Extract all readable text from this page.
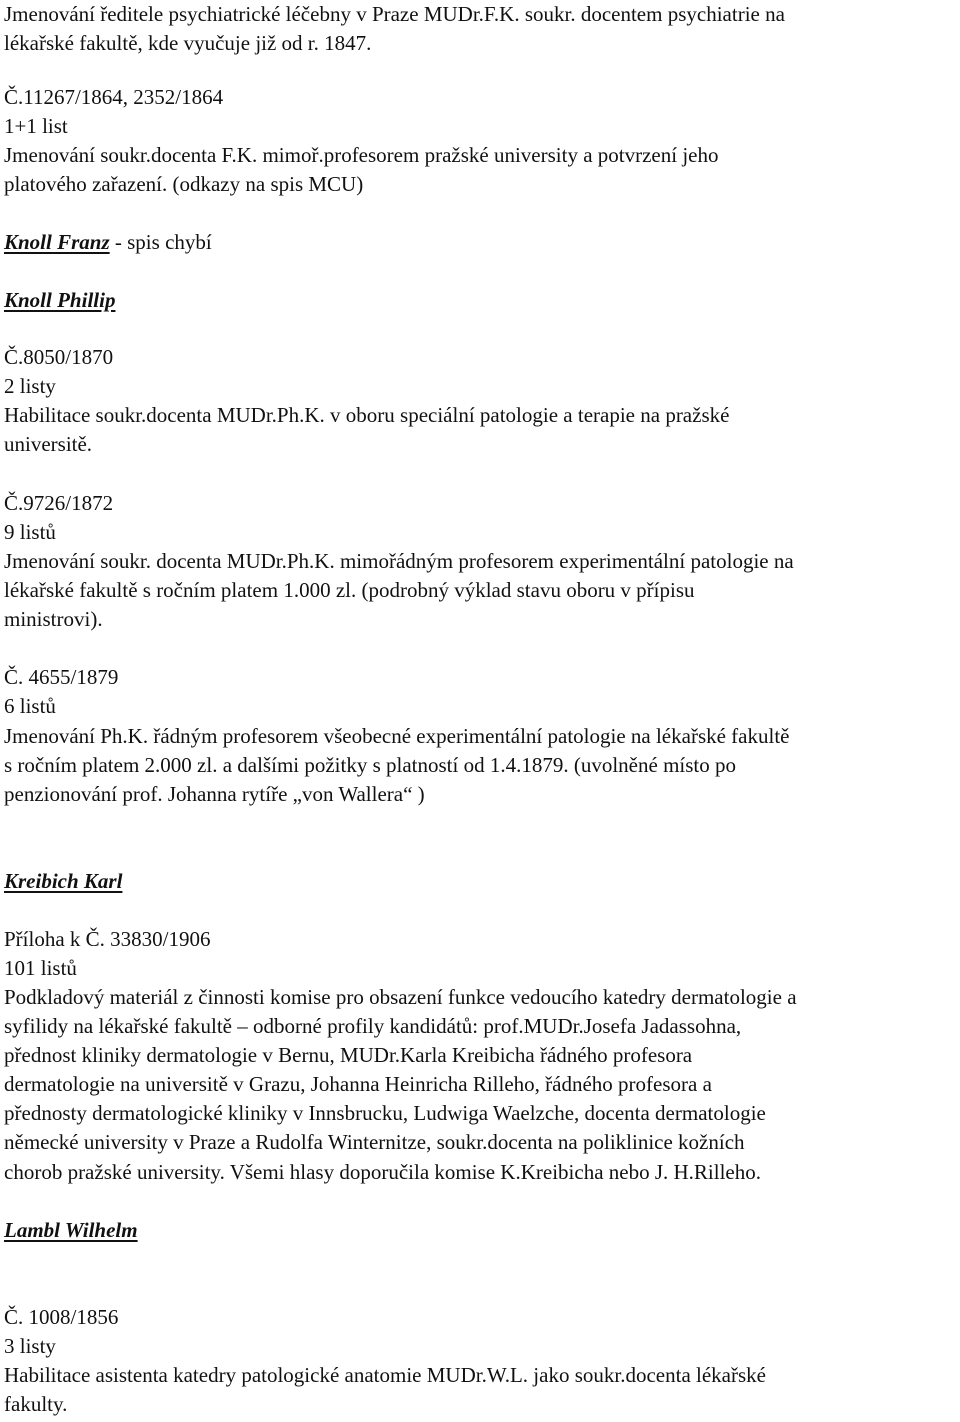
Jmenování ředitele psychiatrické léčebny v Praze MUDr.F.K. soukr. docentem psychiatrie na
lékařské fakultě, kde vyučuje již od r. 1847.
Č.11267/1864, 2352/1864
1+1 list
Jmenování soukr.docenta F.K. mimoř.profesorem pražské university a potvrzení jeho
platového zařazení. (odkazy na spis MCU)
Knoll Franz - spis chybí
Knoll Phillip
Č.8050/1870
2 listy
Habilitace soukr.docenta MUDr.Ph.K. v oboru speciální patologie a terapie na pražské
universitě.
Č.9726/1872
9 listů
Jmenování soukr. docenta MUDr.Ph.K. mimořádným profesorem experimentální patologie na
lékařské fakultě s ročním platem 1.000 zl. (podrobný výklad stavu oboru v přípisu
ministrovi).
Č. 4655/1879
6 listů
Jmenování Ph.K. řádným profesorem všeobecné experimentální patologie na lékařské fakultě
s ročním platem 2.000 zl. a dalšími požitky s platností od 1.4.1879. (uvolněné místo po
penzionování prof. Johanna rytíře „von Wallera“ )
Kreibich Karl
Příloha k Č. 33830/1906
101 listů
Podkladový materiál z činnosti komise pro obsazení funkce vedoucího katedry dermatologie a
syfilidy na lékařské fakultě – odborné profily kandidátů: prof.MUDr.Josefa Jadassohna,
přednost kliniky dermatologie v Bernu, MUDr.Karla Kreibicha řádného profesora
dermatologie na universitě v Grazu, Johanna Heinricha Rilleho, řádného profesora a
přednosty dermatologické kliniky v Innsbrucku, Ludwiga Waelzche, docenta dermatologie
německé university v Praze a Rudolfa Winternitze, soukr.docenta na poliklinice kožních
chorob pražské university. Všemi hlasy doporučila komise K.Kreibicha nebo J. H.Rilleho.
Lambl Wilhelm
Č. 1008/1856
3 listy
Habilitace asistenta katedry patologické anatomie MUDr.W.L. jako soukr.docenta lékařské
fakulty.
